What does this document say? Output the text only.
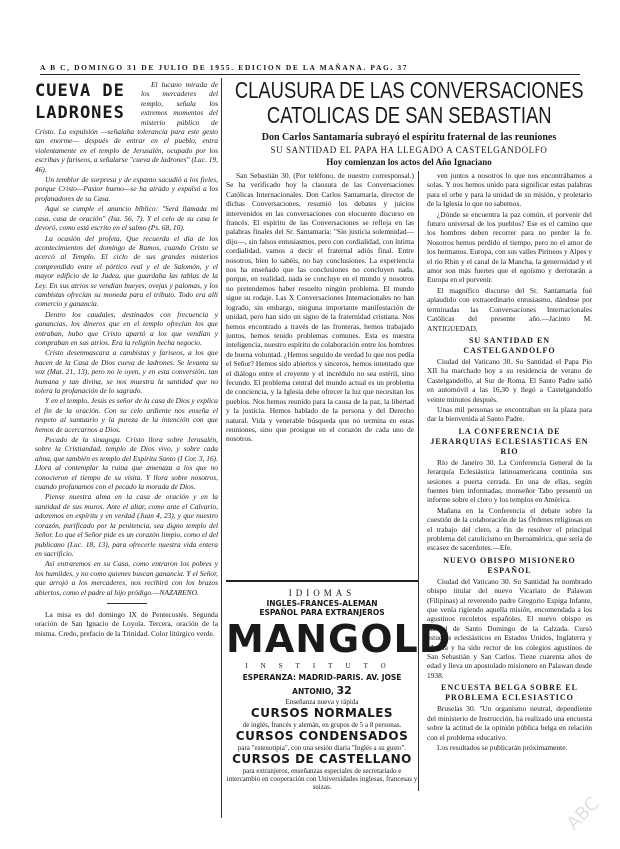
ABC
A B C, DOMINGO 31 DE JULIO DE 1955. EDICION DE LA MAÑANA. PAG. 37
CUEVA DE LADRONES

El lucano mirada de los mercaderes del templo, señala los extremos momentos del misterio público de Cristo. La expulsión —señalaba tolerancia para este gesto tan enorme— después de entrar en el pueblo, entra violentamente en el templo de Jerusalén, ocupado por los escribas y fariseos, a señalarse "cueva de ladrones" (Luc. 19, 46).

Un temblor de sorpresa y de espanto sacudió a los fieles, porque Cristo—Pastor bueno—se ha airado y expulsó a los profanadores de su Casa.

Aquí se cumple el anuncio bíblico: "Será llamada mi casa, casa de oración" (Isa. 56, 7). Y el celo de su casa le devoró, como está escrito en el salmo (Ps. 68, 10).

La ocasión del profeta, Que recuerda el día de los acontecimientos del domingo de Ramos, cuando Cristo se acercó al Templo. El ciclo de sus grandes misterios comprendido entre el pórtico real y el de Salomón, y el mayor edificio de la Judea, que guardaba las tablas de la Ley. En sus atrios se vendían bueyes, ovejas y palomas, y los cambistas ofrecían su moneda para el tributo. Todo era allí comercio y ganancia.

Dentro los caudales, destinados con frecuencia y ganancias, los dineros que en el templo ofrecían los que entraban, hubo que Cristo apartó a los que vendían y compraban en sus atrios. Era la religión hecha negocio.

Cristo desenmascara a cambistas y fariseos, a los que hacen de la Casa de Dios cueva de ladrones. Se levanta su voz (Mat. 21, 13), pero no le oyen, y en esta conversión, tan humana y tan divina, se nos muestra la santidad que no tolera la profanación de lo sagrado.

Y en el templo, Jesús es señor de la casa de Dios y explica el fin de la oración. Con su celo ardiente nos enseña el respeto al santuario y la pureza de la intención con que hemos de acercarnos a Dios.

Pecado de la sinagoga. Cristo llora sobre Jerusalén, sobre la Cristiandad, templo de Dios vivo, y sobre cada alma, que también es templo del Espíritu Santo (I Cor. 3, 16). Llora al contemplar la ruina que amenaza a los que no conocieron el tiempo de su visita. Y llora sobre nosotros, cuando profanamos con el pecado la morada de Dios.

Piense nuestra alma en la casa de oración y en la santidad de sus muros. Ante el altar, como ante el Calvario, adoremos en espíritu y en verdad (Juan 4, 23), y que nuestro corazón, purificado por la penitencia, sea digno templo del Señor. Lo que el Señor pide es un corazón limpio, como el del publicano (Luc. 18, 13), para ofrecerle nuestra vida entera en sacrificio.

Así entraremos en su Casa, como entraron los pobres y los humildes, y no como quienes buscan ganancia. Y el Señor, que arrojó a los mercaderes, nos recibirá con los brazos abiertos, como el padre al hijo pródigo.—NAZARENO.

La misa es del domingo IX de Pentecostés. Segunda oración de San Ignacio de Loyola. Tercera, oración de la misma. Credo, prefacio de la Trinidad. Color litúrgico verde.

CLAUSURA DE LAS CONVERSACIONES CATOLICAS DE SAN SEBASTIAN
Don Carlos Santamaría subrayó el espíritu fraternal de las reuniones
SU SANTIDAD EL PAPA HA LLEGADO A CASTELGANDOLFO
Hoy comienzan los actos del Año Ignaciano

San Sebastián 30. (Por teléfono, de nuestro corresponsal.) Se ha verificado hoy la clausura de las Conversaciones Católicas Internacionales. Don Carlos Santamaría, director de dichas Conversaciones, resumió los debates y juicios intervenidos en las conversaciones con elocuente discurso en francés. El espíritu de las Conversaciones se refleja en las palabras finales del Sr. Santamaría: "Sin justicia solemnidad—dijo—, sin falsos entusiasmos, pero con cordialidad, con íntima cordialidad, vamos a decir el fraternal adiós final. Entre nosotros, bien lo sabéis, no hay conclusiones. La experiencia nos ha enseñado que las conclusiones no concluyen nada, porque, en realidad, nada se concluye en el mundo y nosotros no pretendemos haber resuelto ningún problema. El mundo sigue su rodaje. Las X Conversaciones Internacionales no han logrado, sin embargo, ninguna importante manifestación de unidad, pero han sido un signo de la fraternidad cristiana. Nos hemos encontrado a través de las fronteras, hemos trabajado juntos, hemos tenido problemas comunes. Esta es nuestra inteligencia, nuestro espíritu de colaboración entre los hombres de buena voluntad. ¿Hemos seguido de verdad lo que nos pedía el Señor? Hemos sido abiertos y sinceros, hemos intentado que el diálogo entre el creyente y el incrédulo no sea estéril, sino fecundo. El problema central del mundo actual es un problema de conciencia, y la Iglesia debe ofrecer la luz que necesitan los pueblos. Nos hemos reunido para la causa de la paz, la libertad y la justicia. Hemos hablado de la persona y del Derecho natural. Vida y venerable búsqueda que no termina en estas reuniones, sino que prosigue en el corazón de cada uno de nosotros.

IDIOMAS
INGLES-FRANCES-ALEMAN
ESPAÑOL PARA EXTRANJEROS
MANGOLD
INSTITUTO
ESPERANZA: MADRID-PARIS. AV. JOSE ANTONIO, 32
Enseñanza nueva y rápida
CURSOS NORMALES
de inglés, francés y alemán, en grupos de 5 a 8 personas.
CURSOS CONDENSADOS
para "estenotipia", con una sesión diaria "Inglés a su gusto".
CURSOS DE CASTELLANO
para extranjeros, enseñanzas especiales de secretariado e intercambio en cooperación con Universidades inglesas, francesas y suizas.

ven juntos a nosotros lo que nos encontrábamos a solas. Y nos hemos unido para significar estas palabras para el orbe y para la unidad de su misión, y proletario de la Iglesia lo que no sabemos.

¿Dónde se encuentra la paz común, el porvenir del futuro universal de los pueblos? Ese es el camino que los hombres deben recorrer para no perder la fe. Nosotros hemos perdido el tiempo, pero no el amor de los hermanos. Europa, con sus valles Pirineos y Alpes y el río Rhin y el canal de la Mancha, la generosidad y el amor son más fuertes que el egoísmo y derrotarán a Europa en el porvenir.

El magnífico discurso del Sr. Santamaría fué aplaudido con extraordinario entusiasmo, dándose por terminadas las Conversaciones Internacionales Católicas del presente año.—Jacinto M. ANTIGUEDAD.

SU SANTIDAD EN CASTELGANDOLFO

Ciudad del Vaticano 30. Su Santidad el Papa Pío XII ha marchado hoy a su residencia de verano de Castelgandolfo, al Sur de Roma. El Santo Padre salió en automóvil a las 16,30 y llegó a Castelgandolfo veinte minutos después.

Unas mil personas se encontraban en la plaza para dar la bienvenida al Santo Padre.

LA CONFERENCIA DE JERARQUIAS ECLESIASTICAS EN RIO

Río de Janeiro 30. La Conferencia General de la Jerarquía Eclesiástica latinoamericana continúa sus sesiones a puerta cerrada. En una de ellas, según fuentes bien informadas, monseñor Tabo presentó un informe sobre el clero y los templos en América.

Mañana en la Conferencia el debate sobre la cuestión de la colaboración de las Órdenes religiosas en el trabajo del clero, a fin de resolver el principal problema del catolicismo en Iberoamérica, que sería de escasez de sacerdotes.—Efe.

NUEVO OBISPO MISIONERO ESPAÑOL

Ciudad del Vaticano 30. Su Santidad ha nombrado obispo titular del nuevo Vicariato de Palawan (Filipinas) al reverendo padre Gregorio Espiga Infante, que venía rigiendo aquella misión, encomendada a los agustinos recoletos españoles. El nuevo obispo es natural de Santo Domingo de la Calzada. Cursó estudios eclesiásticos en Estados Unidos, Inglaterra y Manila y ha sido rector de los colegios agustinos de San Sebastián y San Carlos. Tiene cuarenta años de edad y lleva un apostolado misionero en Palawan desde 1938.

ENCUESTA BELGA SOBRE EL PROBLEMA ECLESIASTICO

Bruselas 30. "Un organismo neutral, dependiente del ministerio de Instrucción, ha realizado una encuesta sobre la actitud de la opinión pública belga en relación con el problema educativo.

Los resultados se publicarán próximamente.
